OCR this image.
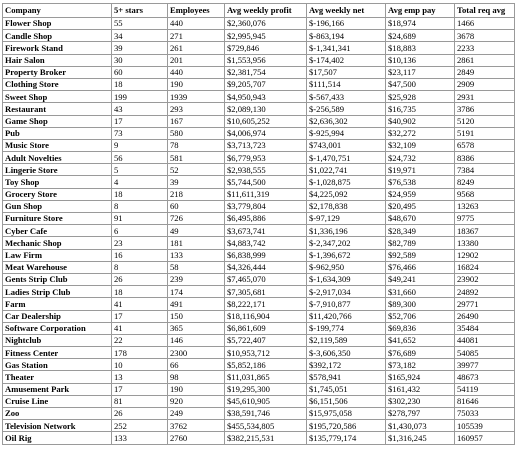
Company	5+ stars	Employees	Avg weekly profit	Avg weekly net	Avg emp pay	Total req avg
Flower Shop	55	440	$2,360,076	$-196,166	$18,974	1466
Candle Shop	34	271	$2,995,945	$-863,194	$24,689	3678
Firework Stand	39	261	$729,846	$-1,341,341	$18,883	2233
Hair Salon	30	201	$1,553,956	$-174,402	$10,136	2861
Property Broker	60	440	$2,381,754	$17,507	$23,117	2849
Clothing Store	18	190	$9,205,707	$111,514	$47,500	2909
Sweet Shop	199	1939	$4,950,943	$-567,433	$25,928	2931
Restaurant	43	293	$2,089,130	$-256,589	$16,735	3786
Game Shop	17	167	$10,605,252	$2,636,302	$40,902	5120
Pub	73	580	$4,006,974	$-925,994	$32,272	5191
Music Store	9	78	$3,713,723	$743,001	$32,109	6578
Adult Novelties	56	581	$6,779,953	$-1,470,751	$24,732	8386
Lingerie Store	5	52	$2,938,555	$1,022,741	$19,971	7384
Toy Shop	4	39	$5,744,500	$-1,028,875	$76,538	8249
Grocery Store	18	218	$11,611,319	$4,225,092	$24,959	9568
Gun Shop	8	60	$3,779,804	$2,178,838	$20,495	13263
Furniture Store	91	726	$6,495,886	$-97,129	$48,670	9775
Cyber Cafe	6	49	$3,673,741	$1,336,196	$28,349	18367
Mechanic Shop	23	181	$4,883,742	$-2,347,202	$82,789	13380
Law Firm	16	133	$6,838,999	$-1,396,672	$92,589	12902
Meat Warehouse	8	58	$4,326,444	$-962,950	$76,466	16824
Gents Strip Club	26	239	$7,465,070	$-1,634,309	$49,241	23902
Ladies Strip Club	18	174	$7,305,681	$-2,917,034	$31,660	24892
Farm	41	491	$8,222,171	$-7,910,877	$89,300	29771
Car Dealership	17	150	$18,116,904	$11,420,766	$52,706	26490
Software Corporation	41	365	$6,861,609	$-199,774	$69,836	35484
Nightclub	22	146	$5,722,407	$2,119,589	$41,652	44081
Fitness Center	178	2300	$10,953,712	$-3,606,350	$76,689	54085
Gas Station	10	66	$5,852,186	$392,172	$73,182	39977
Theater	13	98	$11,031,865	$578,941	$165,924	48673
Amusement Park	17	190	$19,295,300	$1,745,051	$161,432	54119
Cruise Line	81	920	$45,610,905	$6,151,506	$302,230	81646
Zoo	26	249	$38,591,746	$15,975,058	$278,797	75033
Television Network	252	3762	$455,534,805	$195,720,586	$1,430,073	105539
Oil Rig	133	2760	$382,215,531	$135,779,174	$1,316,245	160957
